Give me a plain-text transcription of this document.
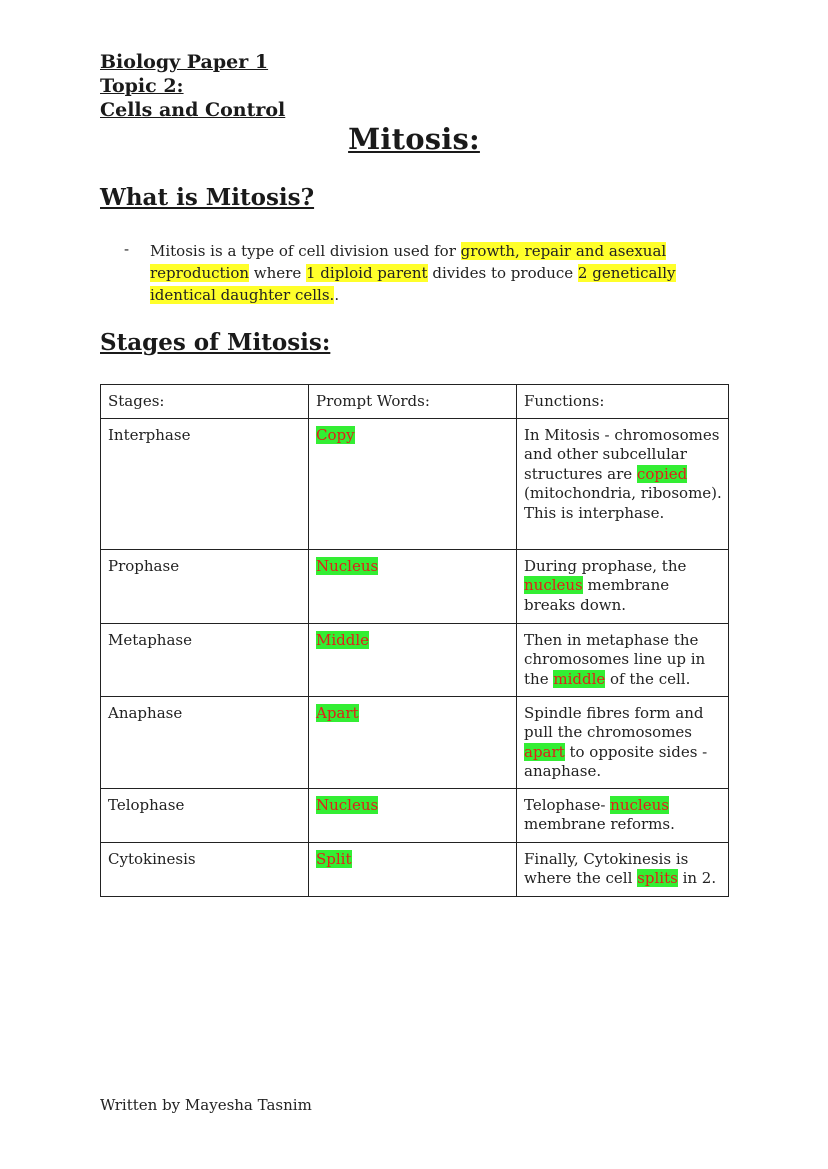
Biology Paper 1
Topic 2:
Cells and Control
Mitosis:
What is Mitosis?
- Mitosis is a type of cell division used for growth, repair and asexual reproduction where 1 diploid parent divides to produce 2 genetically identical daughter cells..
Stages of Mitosis:
Stages:	Prompt Words:	Functions:
Interphase	Copy	In Mitosis - chromosomes and other subcellular structures are copied (mitochondria, ribosome). This is interphase.
Prophase	Nucleus	During prophase, the nucleus membrane breaks down.
Metaphase	Middle	Then in metaphase the chromosomes line up in the middle of the cell.
Anaphase	Apart	Spindle fibres form and pull the chromosomes apart to opposite sides - anaphase.
Telophase	Nucleus	Telophase- nucleus membrane reforms.
Cytokinesis	Split	Finally, Cytokinesis is where the cell splits in 2.
Written by Mayesha Tasnim
